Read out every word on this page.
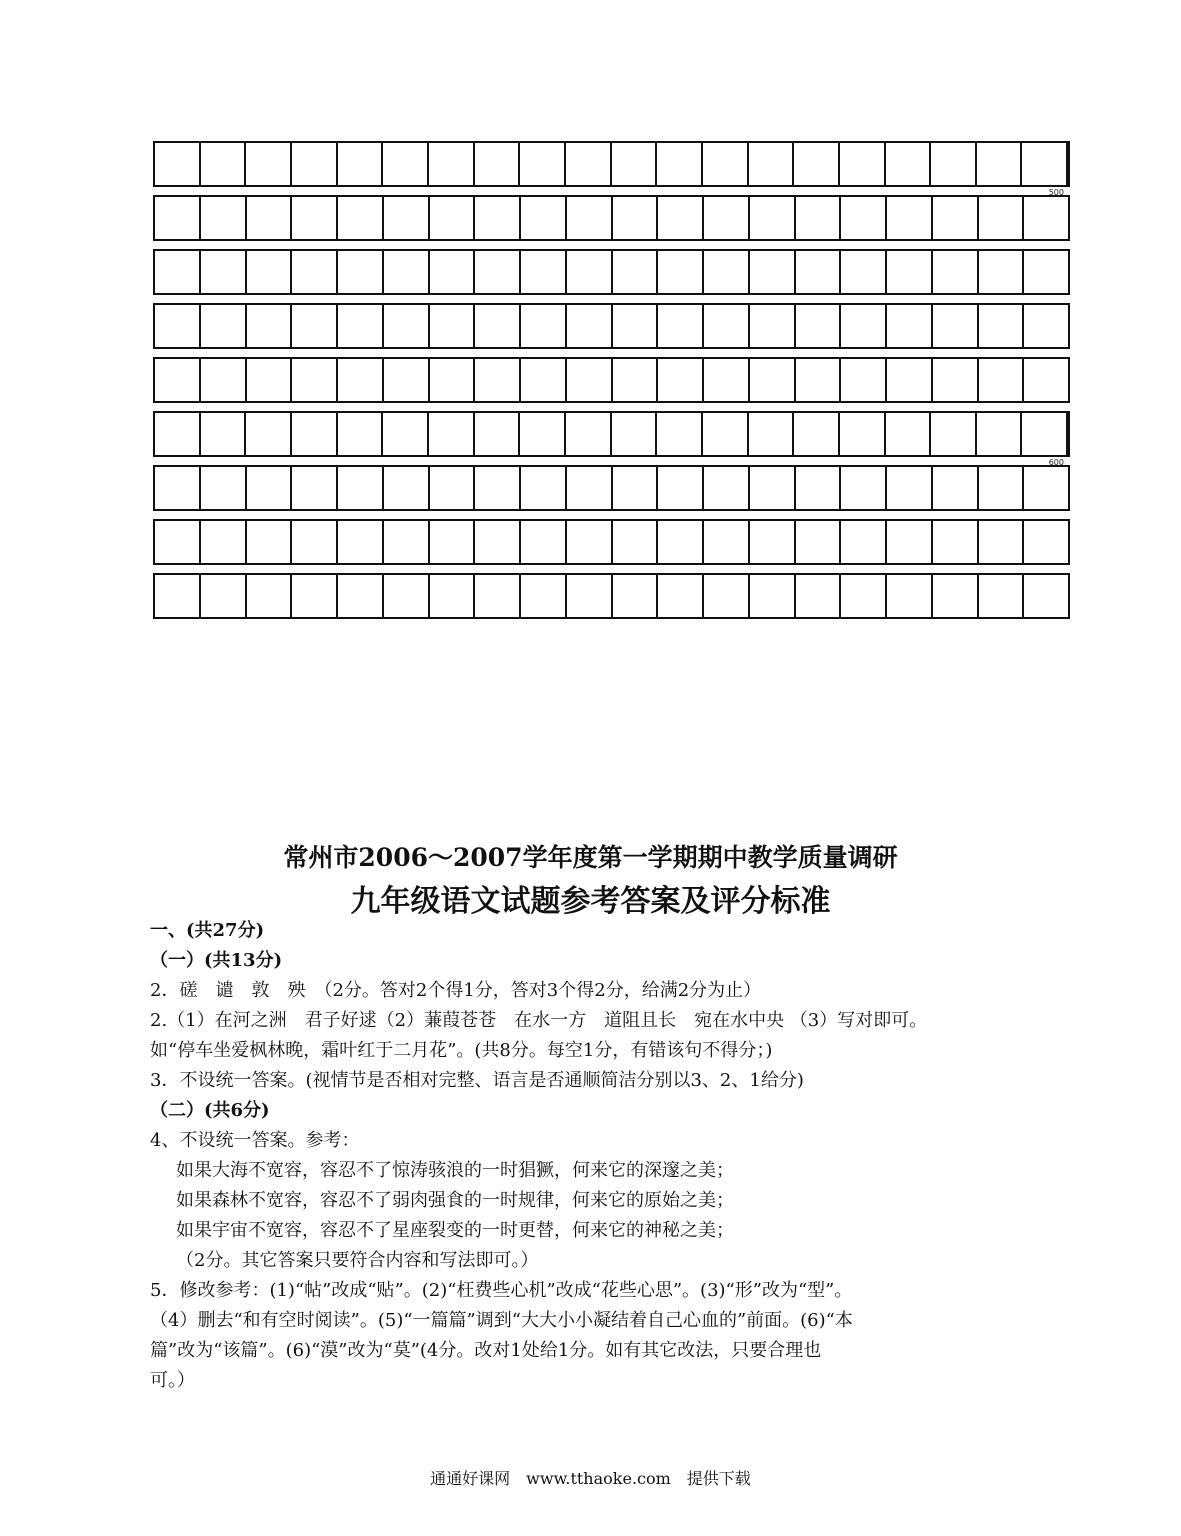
500
600
常州市2006～2007学年度第一学期期中教学质量调研
九年级语文试题参考答案及评分标准
一、(共27分)
（一）(共13分)
2．磋　谴　敦　殃　（2分。答对2个得1分，答对3个得2分，给满2分为止）
2.（1）在河之洲　君子好逑（2）蒹葭苍苍　在水一方　道阻且长　宛在水中央 （3）写对即可。
如“停车坐爱枫林晚，霜叶红于二月花”。(共8分。每空1分，有错该句不得分；)
3．不设统一答案。(视情节是否相对完整、语言是否通顺简洁分别以3、2、1给分)
（二）(共6分)
4、不设统一答案。参考：
如果大海不宽容，容忍不了惊涛骇浪的一时猖獗，何来它的深邃之美；
如果森林不宽容，容忍不了弱肉强食的一时规律，何来它的原始之美；
如果宇宙不宽容，容忍不了星座裂变的一时更替，何来它的神秘之美；
（2分。其它答案只要符合内容和写法即可。）
5．修改参考：(1)“帖”改成“贴”。(2)“枉费些心机”改成“花些心思”。(3)“形”改为“型”。
（4）删去“和有空时阅读”。(5)“一篇篇”调到“大大小小凝结着自己心血的”前面。(6)“本
篇”改为“该篇”。(6)“漠”改为“莫”(4分。改对1处给1分。如有其它改法，只要合理也
可。）
通通好课网　www.tthaoke.com　提供下载
